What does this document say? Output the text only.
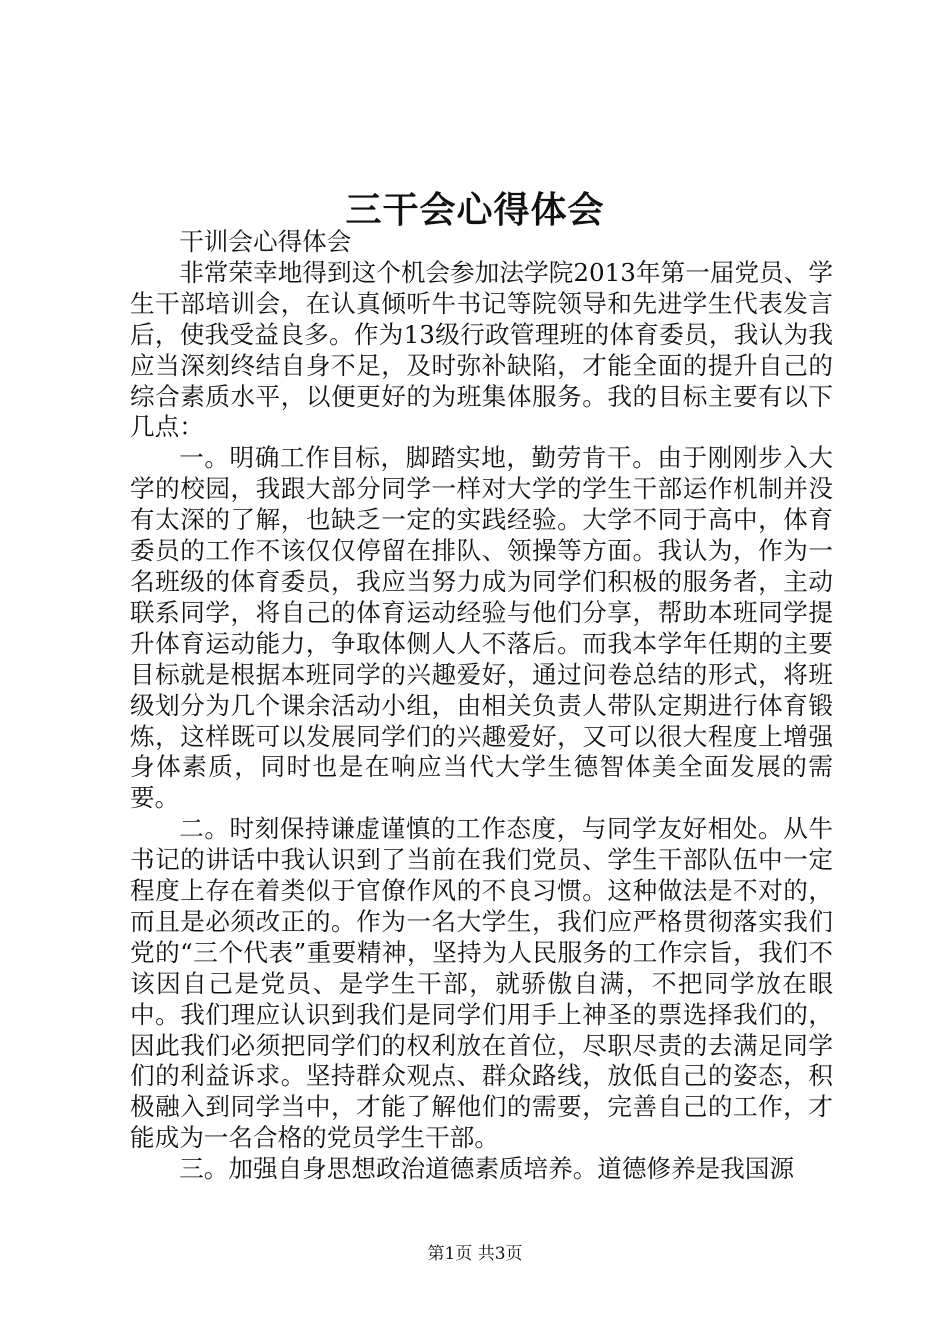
三干会心得体会

干训会心得体会

非常荣幸地得到这个机会参加法学院2013年第一届党员、学生干部培训会，在认真倾听牛书记等院领导和先进学生代表发言后，使我受益良多。作为13级行政管理班的体育委员，我认为我应当深刻终结自身不足，及时弥补缺陷，才能全面的提升自己的综合素质水平，以便更好的为班集体服务。我的目标主要有以下几点：

一。明确工作目标，脚踏实地，勤劳肯干。由于刚刚步入大学的校园，我跟大部分同学一样对大学的学生干部运作机制并没有太深的了解，也缺乏一定的实践经验。大学不同于高中，体育委员的工作不该仅仅停留在排队、领操等方面。我认为，作为一名班级的体育委员，我应当努力成为同学们积极的服务者，主动联系同学，将自己的体育运动经验与他们分享，帮助本班同学提升体育运动能力，争取体侧人人不落后。而我本学年任期的主要目标就是根据本班同学的兴趣爱好，通过问卷总结的形式，将班级划分为几个课余活动小组，由相关负责人带队定期进行体育锻炼，这样既可以发展同学们的兴趣爱好，又可以很大程度上增强身体素质，同时也是在响应当代大学生德智体美全面发展的需要。

二。时刻保持谦虚谨慎的工作态度，与同学友好相处。从牛书记的讲话中我认识到了当前在我们党员、学生干部队伍中一定程度上存在着类似于官僚作风的不良习惯。这种做法是不对的，而且是必须改正的。作为一名大学生，我们应严格贯彻落实我们党的“三个代表”重要精神，坚持为人民服务的工作宗旨，我们不该因自己是党员、是学生干部，就骄傲自满，不把同学放在眼中。我们理应认识到我们是同学们用手上神圣的票选择我们的，因此我们必须把同学们的权利放在首位，尽职尽责的去满足同学们的利益诉求。坚持群众观点、群众路线，放低自己的姿态，积极融入到同学当中，才能了解他们的需要，完善自己的工作，才能成为一名合格的党员学生干部。

三。加强自身思想政治道德素质培养。道德修养是我国源

第1页 共3页
